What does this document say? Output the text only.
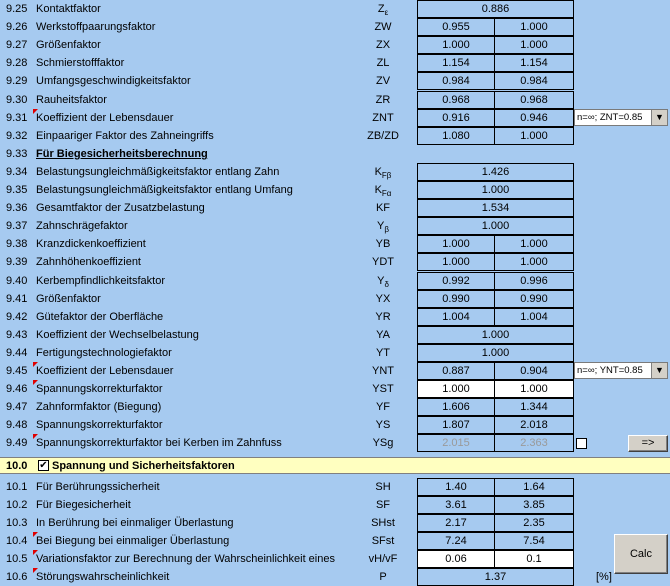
9.25 Kontaktfaktor	$Z_\varepsilon$	0.886
9.26 Werkstoffpaarungsfaktor	ZW	0.955	1.000
9.27 Größenfaktor	ZX	1.000	1.000
9.28 Schmierstofffaktor	ZL	1.154	1.154
9.29 Umfangsgeschwindigkeitsfaktor	ZV	0.984	0.984
9.30 Rauheitsfaktor	ZR	0.968	0.968
9.31 Koeffizient der Lebensdauer	ZNT	0.916	0.946
9.32 Einpaariger Faktor des Zahneingriffs	ZB/ZD	1.080	1.000
9.33 Für Biegesicherheitsberechnung
9.34 Belastungsungleichmäßigkeitsfaktor entlang Zahn	$K_{F\beta}$	1.426
9.35 Belastungsungleichmäßigkeitsfaktor entlang Umfang	$K_{F\alpha}$	1.000
9.36 Gesamtfaktor der Zusatzbelastung	KF	1.534
9.37 Zahnschrägefaktor	$Y_\beta$	1.000
9.38 Kranzdickenkoeffizient	YB	1.000	1.000
9.39 Zahnhöhenkoeffizient	YDT	1.000	1.000
9.40 Kerbempfindlichkeitsfaktor	$Y_\delta$	0.992	0.996
9.41 Größenfaktor	YX	0.990	0.990
9.42 Gütefaktor der Oberfläche	YR	1.004	1.004
9.43 Koeffizient der Wechselbelastung	YA	1.000
9.44 Fertigungstechnologiefaktor	YT	1.000
9.45 Koeffizient der Lebensdauer	YNT	0.887	0.904
9.46 Spannungskorrekturfaktor	YST	1.000	1.000
9.47 Zahnformfaktor (Biegung)	YF	1.606	1.344
9.48 Spannungskorrekturfaktor	YS	1.807	2.018
9.49 Spannungskorrekturfaktor bei Kerben im Zahnfuss	YSg	2.015	2.363
n=∞; ZNT=0.85	▼
n=∞; YNT=0.85	▼
=>
10.0	✔ Spannung und Sicherheitsfaktoren
10.1 Für Berührungssicherheit	SH	1.40	1.64
10.2 Für Biegesicherheit	SF	3.61	3.85
10.3 In Berührung bei einmaliger Überlastung	SHst	2.17	2.35
10.4 Bei Biegung bei einmaliger Überlastung	SFst	7.24	7.54
10.5 Variationsfaktor zur Berechnung der Wahrscheinlichkeit eines	vH/vF	0.06	0.1
10.6 Störungswahrscheinlichkeit	P	1.37	[%]
Calc
